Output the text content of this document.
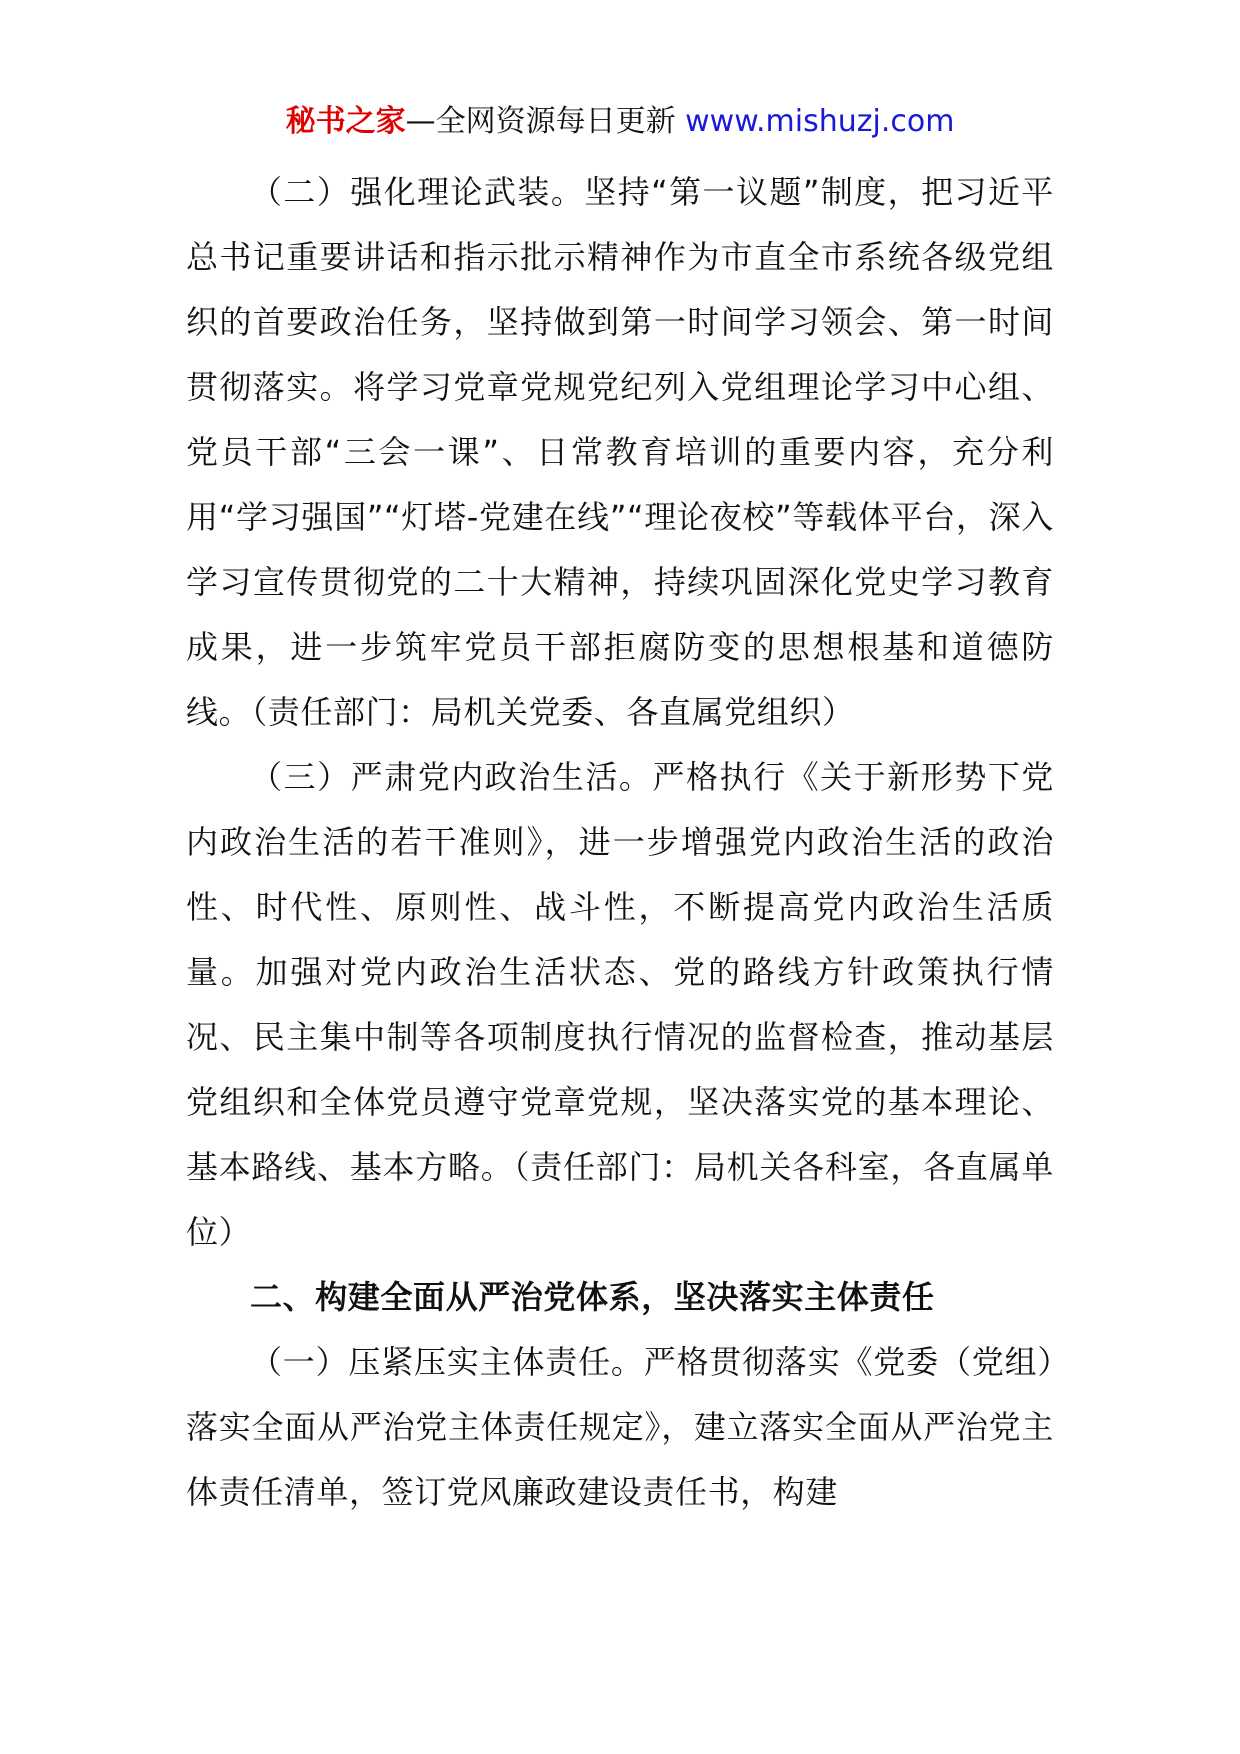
秘书之家—全网资源每日更新 www.mishuzj.com

（二）强化理论武装。坚持“第一议题”制度，把习近平总书记重要讲话和指示批示精神作为市直全市系统各级党组织的首要政治任务，坚持做到第一时间学习领会、第一时间贯彻落实。将学习党章党规党纪列入党组理论学习中心组、党员干部“三会一课”、日常教育培训的重要内容，充分利用“学习强国”“灯塔-党建在线”“理论夜校”等载体平台，深入学习宣传贯彻党的二十大精神，持续巩固深化党史学习教育成果，进一步筑牢党员干部拒腐防变的思想根基和道德防线。（责任部门：局机关党委、各直属党组织）

（三）严肃党内政治生活。严格执行《关于新形势下党内政治生活的若干准则》，进一步增强党内政治生活的政治性、时代性、原则性、战斗性，不断提高党内政治生活质量。加强对党内政治生活状态、党的路线方针政策执行情况、民主集中制等各项制度执行情况的监督检查，推动基层党组织和全体党员遵守党章党规，坚决落实党的基本理论、基本路线、基本方略。（责任部门：局机关各科室，各直属单位）

二、构建全面从严治党体系，坚决落实主体责任

（一）压紧压实主体责任。严格贯彻落实《党委（党组）落实全面从严治党主体责任规定》，建立落实全面从严治党主体责任清单，签订党风廉政建设责任书，构建
